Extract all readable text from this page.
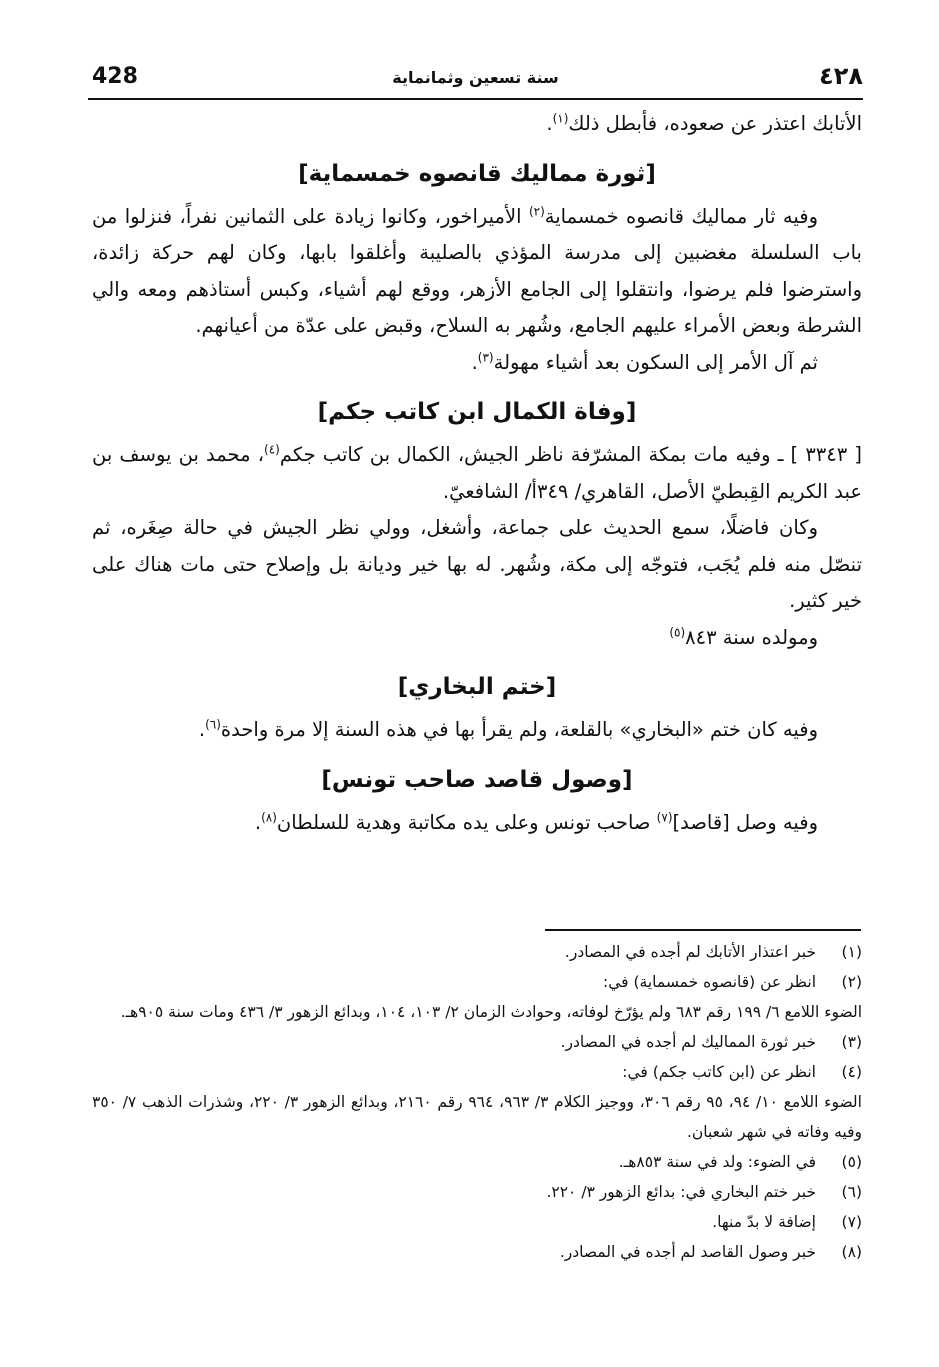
428	سنة تسعين وثمانماية	٤٢٨

الأتابك اعتذر عن صعوده، فأبطل ذلك$^{(١)}$.

[ثورة مماليك قانصوه خمسماية]

وفيه ثار مماليك قانصوه خمسماية$^{(٢)}$ الأميراخور، وكانوا زيادة على الثمانين نفراً، فنزلوا من باب السلسلة مغضبين إلى مدرسة المؤذي بالصليبة وأغلقوا بابها، وكان لهم حركة زائدة، واسترضوا فلم يرضوا، وانتقلوا إلى الجامع الأزهر، ووقع لهم أشياء، وكبس أستاذهم ومعه والي الشرطة وبعض الأمراء عليهم الجامع، وشُهر به السلاح، وقبض على عدّة من أعيانهم.

ثم آل الأمر إلى السكون بعد أشياء مهولة$^{(٣)}$.

[وفاة الكمال ابن كاتب جكم]

[ ٣٣٤٣ ] ـ وفيه مات بمكة المشرّفة ناظر الجيش، الكمال بن كاتب جكم$^{(٤)}$، محمد بن يوسف بن عبد الكريم القِبطيّ الأصل، القاهري/ ٣٤٩أ/ الشافعيّ.

وكان فاضلًا، سمع الحديث على جماعة، وأشغل، وولي نظر الجيش في حالة صِغَره، ثم تنصّل منه فلم يُجَب، فتوجّه إلى مكة، وشُهر. له بها خير وديانة بل وإصلاح حتى مات هناك على خير كثير.

ومولده سنة ٨٤٣$^{(٥)}$

[ختم البخاري]

وفيه كان ختم «البخاري» بالقلعة، ولم يقرأ بها في هذه السنة إلا مرة واحدة$^{(٦)}$.

[وصول قاصد صاحب تونس]

وفيه وصل [قاصد]$^{(٧)}$ صاحب تونس وعلى يده مكاتبة وهدية للسلطان$^{(٨)}$.

(١)
خبر اعتذار الأتابك لم أجده في المصادر.
(٢)
انظر عن (قانصوه خمسماية) في:
الضوء اللامع ٦/ ١٩٩ رقم ٦٨٣ ولم يؤرّخ لوفاته، وحوادث الزمان ٢/ ١٠٣، ١٠٤، وبدائع الزهور ٣/ ٤٣٦ ومات سنة ٩٠٥هـ.
(٣)
خبر ثورة المماليك لم أجده في المصادر.
(٤)
انظر عن (ابن كاتب جكم) في:
الضوء اللامع ١٠/ ٩٤، ٩٥ رقم ٣٠٦، ووجيز الكلام ٣/ ٩٦٣، ٩٦٤ رقم ٢١٦٠، وبدائع الزهور ٣/ ٢٢٠، وشذرات الذهب ٧/ ٣٥٠ وفيه وفاته في شهر شعبان.
(٥)
في الضوء: ولد في سنة ٨٥٣هـ.
(٦)
خبر ختم البخاري في: بدائع الزهور ٣/ ٢٢٠.
(٧)
إضافة لا بدّ منها.
(٨)
خبر وصول القاصد لم أجده في المصادر.
